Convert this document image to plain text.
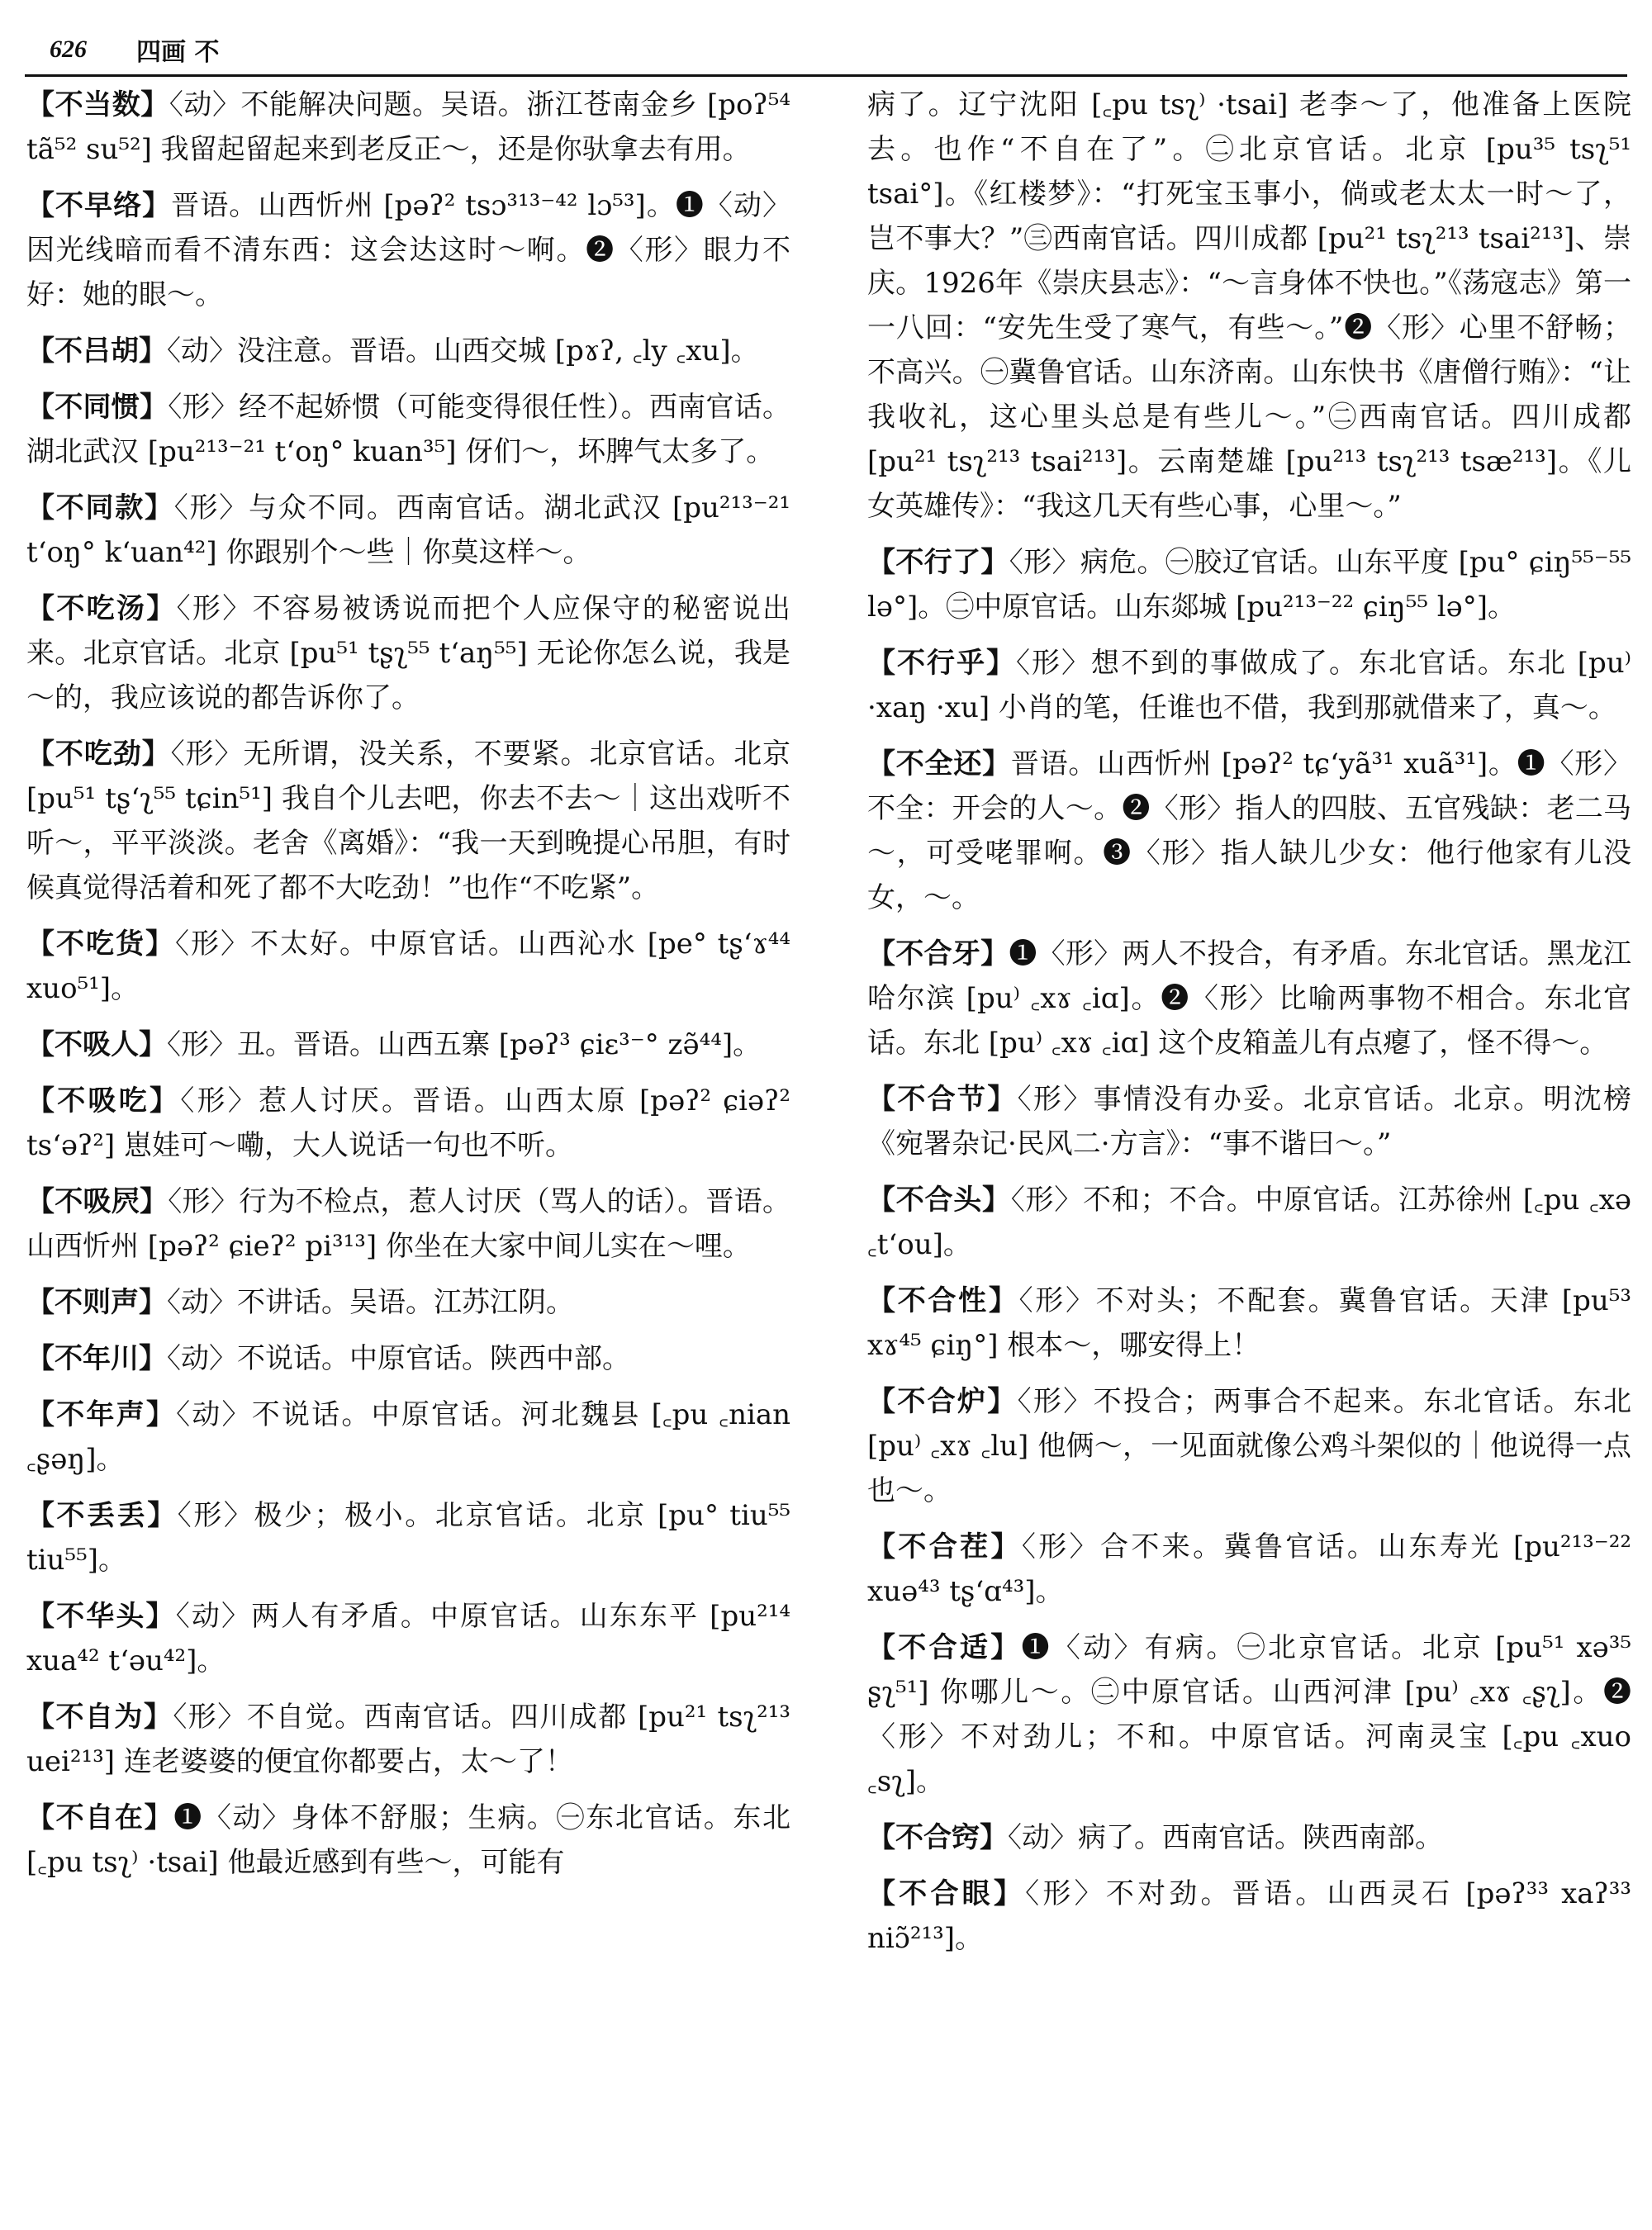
626 四画 不
【不当数】〈动〉不能解决问题。吴语。浙江苍南金乡 [poʔ⁵⁴ tã⁵² su⁵²] 我留起留起来到老反正～，还是你驮拿去有用。
【不早络】晋语。山西忻州 [pəʔ² tsɔ³¹³⁻⁴² lɔ⁵³]。❶〈动〉因光线暗而看不清东西：这会达这时～哬。❷〈形〉眼力不好：她的眼～。
【不吕胡】〈动〉没注意。晋语。山西交城 [pɤʔ, ꜀ly ꜀xu]。
【不同惯】〈形〉经不起娇惯（可能变得很任性）。西南官话。湖北武汉 [pu²¹³⁻²¹ t‘oŋ° kuan³⁵] 伢们～，坏脾气太多了。
【不同款】〈形〉与众不同。西南官话。湖北武汉 [pu²¹³⁻²¹ t‘oŋ° k‘uan⁴²] 你跟别个～些｜你莫这样～。
【不吃汤】〈形〉不容易被诱说而把个人应保守的秘密说出来。北京官话。北京 [pu⁵¹ tʂʅ⁵⁵ t‘aŋ⁵⁵] 无论你怎么说，我是～的，我应该说的都告诉你了。
【不吃劲】〈形〉无所谓，没关系，不要紧。北京官话。北京 [pu⁵¹ tʂ‘ʅ⁵⁵ tɕin⁵¹] 我自个儿去吧，你去不去～｜这出戏听不听～，平平淡淡。老舍《离婚》：“我一天到晚提心吊胆，有时候真觉得活着和死了都不大吃劲！”也作“不吃紧”。
【不吃货】〈形〉不太好。中原官话。山西沁水 [pe° tʂ‘ɤ⁴⁴ xuo⁵¹]。
【不吸人】〈形〉丑。晋语。山西五寨 [pəʔ³ ɕiɛ³⁻° zə̃⁴⁴]。
【不吸吃】〈形〉惹人讨厌。晋语。山西太原 [pəʔ² ɕiəʔ² ts‘əʔ²] 崽娃可～嘞，大人说话一句也不听。
【不吸屄】〈形〉行为不检点，惹人讨厌（骂人的话）。晋语。山西忻州 [pəʔ² ɕieʔ² pi³¹³] 你坐在大家中间儿实在～哩。
【不则声】〈动〉不讲话。吴语。江苏江阴。
【不年川】〈动〉不说话。中原官话。陕西中部。
【不年声】〈动〉不说话。中原官话。河北魏县 [꜀pu ꜀nian ꜀ʂəŋ]。
【不丢丢】〈形〉极少；极小。北京官话。北京 [pu° tiu⁵⁵ tiu⁵⁵]。
【不华头】〈动〉两人有矛盾。中原官话。山东东平 [pu²¹⁴ xua⁴² t‘əu⁴²]。
【不自为】〈形〉不自觉。西南官话。四川成都 [pu²¹ tsʅ²¹³ uei²¹³] 连老婆婆的便宜你都要占，太～了！
【不自在】❶〈动〉身体不舒服；生病。㊀东北官话。东北 [꜀pu tsʅ⁾ ·tsai] 他最近感到有些～，可能有
病了。辽宁沈阳 [꜀pu tsʅ⁾ ·tsai] 老李～了，他准备上医院去。也作“不自在了”。㊁北京官话。北京 [pu³⁵ tsʅ⁵¹ tsai°]。《红楼梦》：“打死宝玉事小，倘或老太太一时～了，岂不事大？”㊂西南官话。四川成都 [pu²¹ tsʅ²¹³ tsai²¹³]、崇庆。1926年《崇庆县志》：“～言身体不快也。”《荡寇志》第一一八回：“安先生受了寒气，有些～。”❷〈形〉心里不舒畅；不高兴。㊀冀鲁官话。山东济南。山东快书《唐僧行贿》：“让我收礼，这心里头总是有些儿～。”㊁西南官话。四川成都 [pu²¹ tsʅ²¹³ tsai²¹³]。云南楚雄 [pu²¹³ tsʅ²¹³ tsæ²¹³]。《儿女英雄传》：“我这几天有些心事，心里～。”
【不行了】〈形〉病危。㊀胶辽官话。山东平度 [pu° ɕiŋ⁵⁵⁻⁵⁵ lə°]。㊁中原官话。山东郯城 [pu²¹³⁻²² ɕiŋ⁵⁵ lə°]。
【不行乎】〈形〉想不到的事做成了。东北官话。东北 [pu⁾ ·xaŋ ·xu] 小肖的笔，任谁也不借，我到那就借来了，真～。
【不全还】晋语。山西忻州 [pəʔ² tɕ‘yã³¹ xuã³¹]。❶〈形〉不全：开会的人～。❷〈形〉指人的四肢、五官残缺：老二马～，可受咾罪哬。❸〈形〉指人缺儿少女：他行他家有儿没女，～。
【不合牙】❶〈形〉两人不投合，有矛盾。东北官话。黑龙江哈尔滨 [pu⁾ ꜀xɤ ꜀iɑ]。❷〈形〉比喻两事物不相合。东北官话。东北 [pu⁾ ꜀xɤ ꜀iɑ] 这个皮箱盖儿有点瘪了，怪不得～。
【不合节】〈形〉事情没有办妥。北京官话。北京。明沈榜《宛署杂记·民风二·方言》：“事不谐曰～。”
【不合头】〈形〉不和；不合。中原官话。江苏徐州 [꜀pu ꜀xə ꜀t‘ou]。
【不合性】〈形〉不对头；不配套。冀鲁官话。天津 [pu⁵³ xɤ⁴⁵ ɕiŋ°] 根本～，哪安得上！
【不合炉】〈形〉不投合；两事合不起来。东北官话。东北 [pu⁾ ꜀xɤ ꜀lu] 他俩～，一见面就像公鸡斗架似的｜他说得一点也～。
【不合茬】〈形〉合不来。冀鲁官话。山东寿光 [pu²¹³⁻²² xuə⁴³ tʂ‘ɑ⁴³]。
【不合适】❶〈动〉有病。㊀北京官话。北京 [pu⁵¹ xə³⁵ ʂʅ⁵¹] 你哪儿～。㊁中原官话。山西河津 [pu⁾ ꜀xɤ ꜀ʂʅ]。❷〈形〉不对劲儿；不和。中原官话。河南灵宝 [꜀pu ꜀xuo ꜀sʅ]。
【不合窍】〈动〉病了。西南官话。陕西南部。
【不合眼】〈形〉不对劲。晋语。山西灵石 [pəʔ³³ xaʔ³³ niɔ̃²¹³]。
